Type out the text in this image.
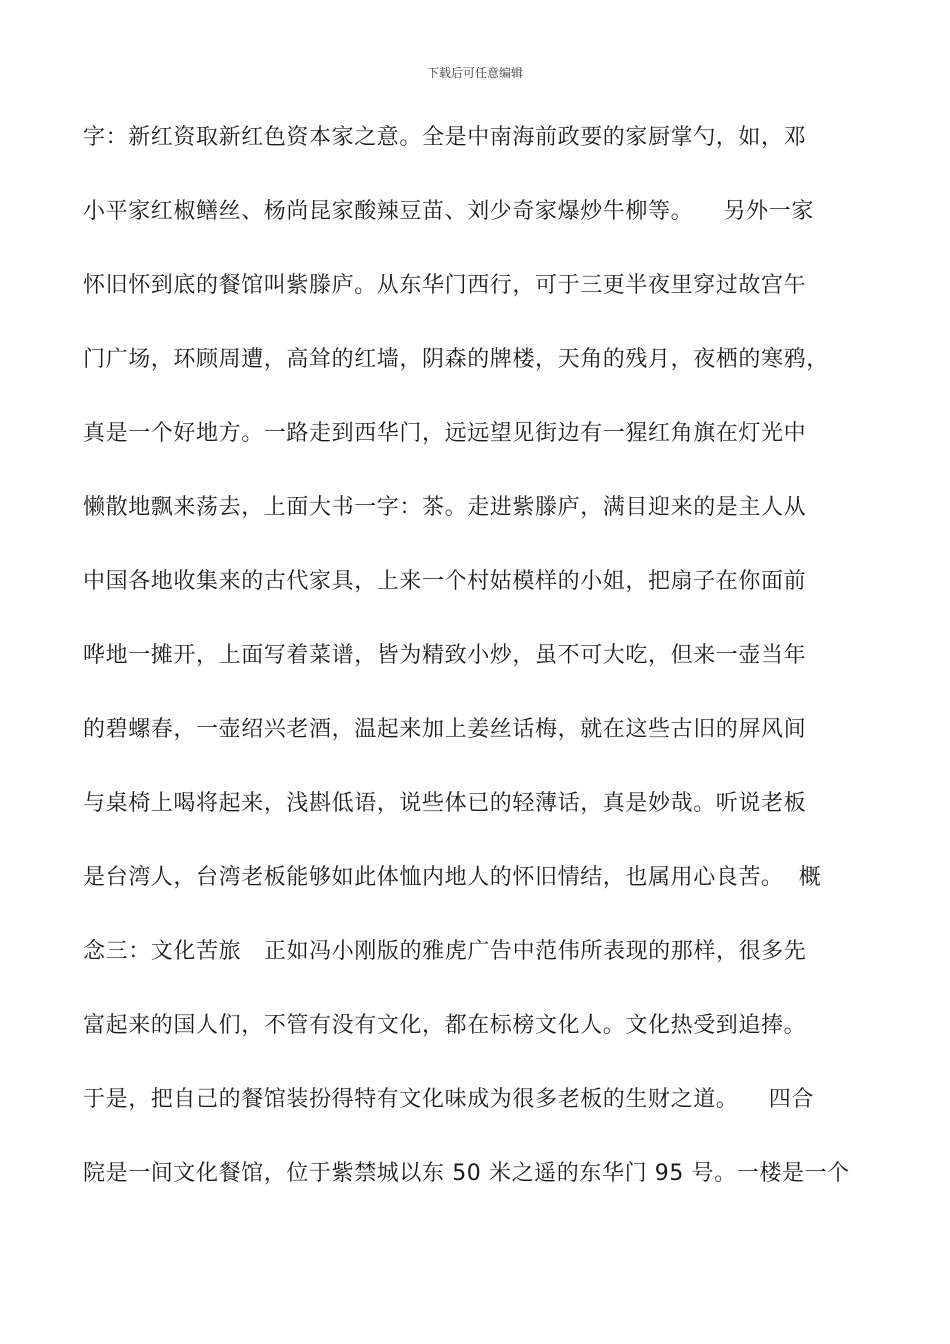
下载后可任意编辑
字：新红资取新红色资本家之意。全是中南海前政要的家厨掌勺，如，邓
小平家红椒鳝丝、杨尚昆家酸辣豆苗、刘少奇家爆炒牛柳等。    另外一家
怀旧怀到底的餐馆叫紫滕庐。从东华门西行，可于三更半夜里穿过故宫午
门广场，环顾周遭，高耸的红墙，阴森的牌楼，天角的残月，夜栖的寒鸦，
真是一个好地方。一路走到西华门，远远望见街边有一猩红角旗在灯光中
懒散地飘来荡去，上面大书一字：茶。走进紫滕庐，满目迎来的是主人从
中国各地收集来的古代家具，上来一个村姑模样的小姐，把扇子在你面前
哗地一摊开，上面写着菜谱，皆为精致小炒，虽不可大吃，但来一壶当年
的碧螺春，一壶绍兴老酒，温起来加上姜丝话梅，就在这些古旧的屏风间
与桌椅上喝将起来，浅斟低语，说些体已的轻薄话，真是妙哉。听说老板
是台湾人，台湾老板能够如此体恤内地人的怀旧情结，也属用心良苦。  概
念三：文化苦旅   正如冯小刚版的雅虎广告中范伟所表现的那样，很多先
富起来的国人们，不管有没有文化，都在标榜文化人。文化热受到追捧。
于是，把自己的餐馆装扮得特有文化味成为很多老板的生财之道。    四合
院是一间文化餐馆，位于紫禁城以东 50 米之遥的东华门 95 号。一楼是一个
